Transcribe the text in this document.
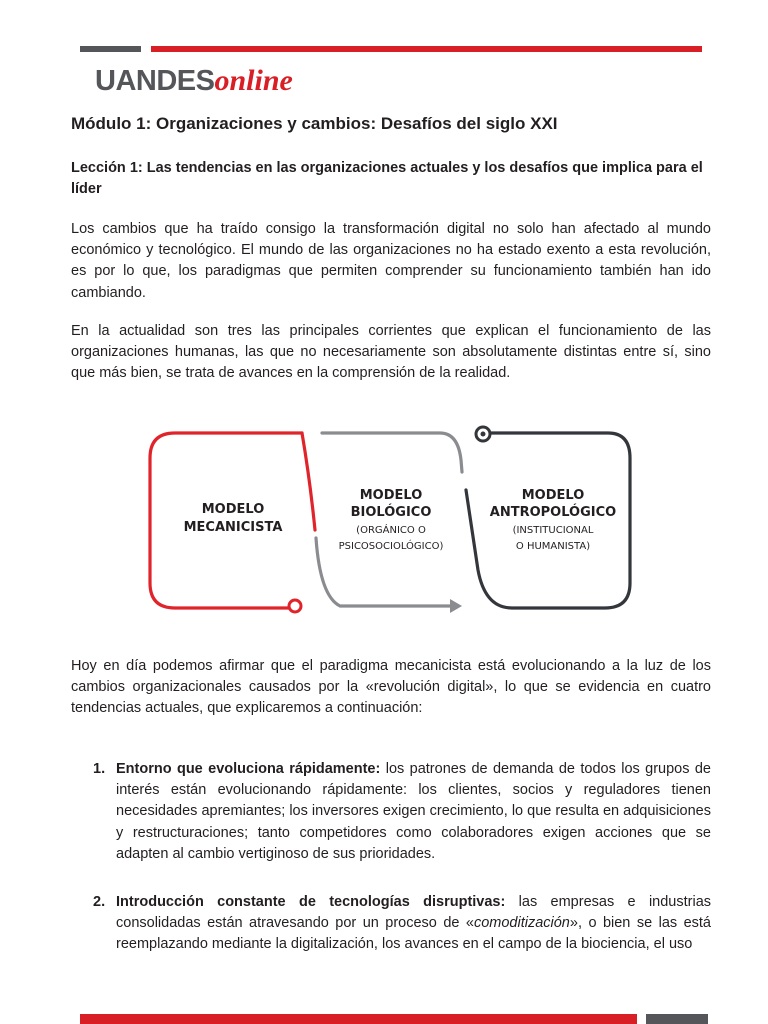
UANDESonline
Módulo 1: Organizaciones y cambios: Desafíos del siglo XXI
Lección 1: Las tendencias en las organizaciones actuales y los desafíos que implica para el líder

Los cambios que ha traído consigo la transformación digital no solo han afectado al mundo económico y tecnológico. El mundo de las organizaciones no ha estado exento a esta revolución, es por lo que, los paradigmas que permiten comprender su funcionamiento también han ido cambiando.

En la actualidad son tres las principales corrientes que explican el funcionamiento de las organizaciones humanas, las que no necesariamente son absolutamente distintas entre sí, sino que más bien, se trata de avances en la comprensión de la realidad.

MODELO
MECANICISTA
MODELO
BIOLÓGICO
(ORGÁNICO O
PSICOSOCIOLÓGICO)
MODELO
ANTROPOLÓGICO
(INSTITUCIONAL
O HUMANISTA)

Hoy en día podemos afirmar que el paradigma mecanicista está evolucionando a la luz de los cambios organizacionales causados por la «revolución digital», lo que se evidencia en cuatro tendencias actuales, que explicaremos a continuación:

1. Entorno que evoluciona rápidamente: los patrones de demanda de todos los grupos de interés están evolucionando rápidamente: los clientes, socios y reguladores tienen necesidades apremiantes; los inversores exigen crecimiento, lo que resulta en adquisiciones y restructuraciones; tanto competidores como colaboradores exigen acciones que se adapten al cambio vertiginoso de sus prioridades.
2. Introducción constante de tecnologías disruptivas: las empresas e industrias consolidadas están atravesando por un proceso de «comoditización», o bien se las está reemplazando mediante la digitalización, los avances en el campo de la biociencia, el uso
